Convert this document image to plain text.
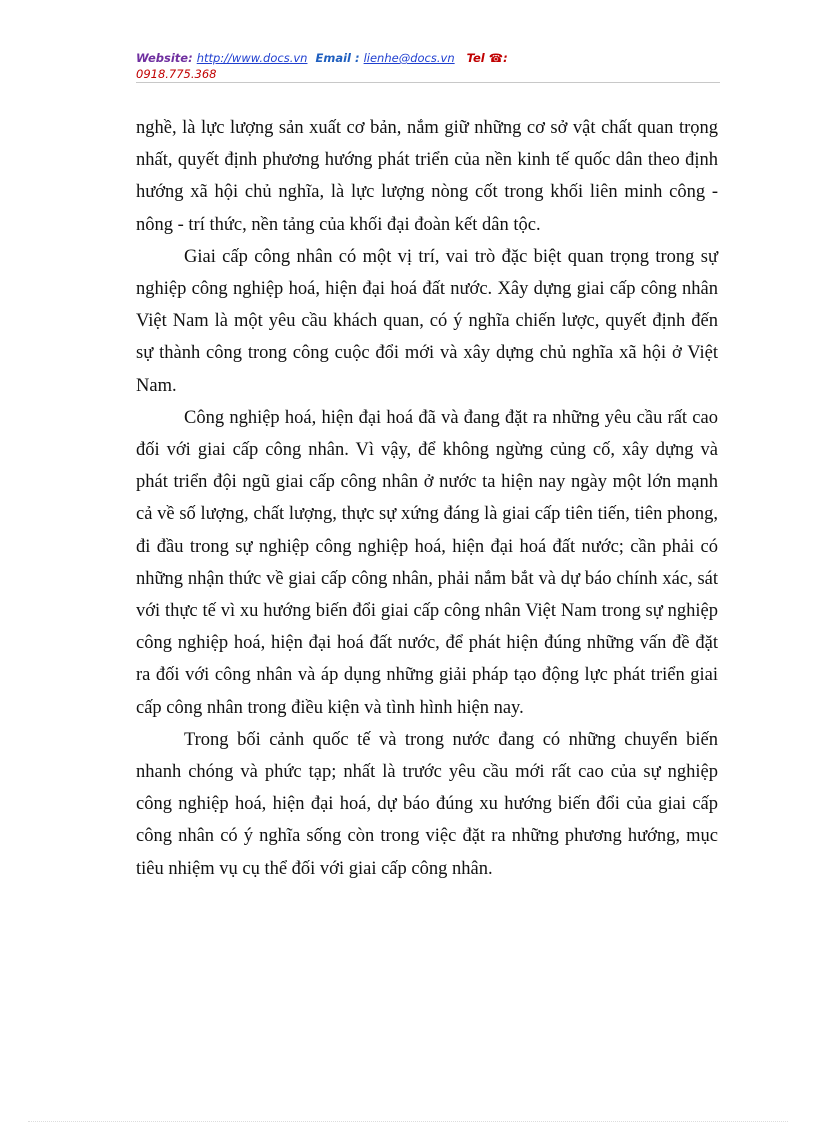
Website: http://www.docs.vn Email : lienhe@docs.vn Tel ☎:
0918.775.368

nghề, là lực lượng sản xuất cơ bản, nắm giữ những cơ sở vật chất quan trọng nhất, quyết định phương hướng phát triển của nền kinh tế quốc dân theo định hướng xã hội chủ nghĩa, là lực lượng nòng cốt trong khối liên minh công - nông - trí thức, nền tảng của khối đại đoàn kết dân tộc.

Giai cấp công nhân có một vị trí, vai trò đặc biệt quan trọng trong sự nghiệp công nghiệp hoá, hiện đại hoá đất nước. Xây dựng giai cấp công nhân Việt Nam là một yêu cầu khách quan, có ý nghĩa chiến lược, quyết định đến sự thành công trong công cuộc đổi mới và xây dựng chủ nghĩa xã hội ở Việt Nam.

Công nghiệp hoá, hiện đại hoá đã và đang đặt ra những yêu cầu rất cao đối với giai cấp công nhân. Vì vậy, để không ngừng củng cố, xây dựng và phát triển đội ngũ giai cấp công nhân ở nước ta hiện nay ngày một lớn mạnh cả về số lượng, chất lượng, thực sự xứng đáng là giai cấp tiên tiến, tiên phong, đi đầu trong sự nghiệp công nghiệp hoá, hiện đại hoá đất nước; cần phải có những nhận thức về giai cấp công nhân, phải nắm bắt và dự báo chính xác, sát với thực tế vì xu hướng biến đổi giai cấp công nhân Việt Nam trong sự nghiệp công nghiệp hoá, hiện đại hoá đất nước, để phát hiện đúng những vấn đề đặt ra đối với công nhân và áp dụng những giải pháp tạo động lực phát triển giai cấp công nhân trong điều kiện và tình hình hiện nay.

Trong bối cảnh quốc tế và trong nước đang có những chuyển biến nhanh chóng và phức tạp; nhất là trước yêu cầu mới rất cao của sự nghiệp công nghiệp hoá, hiện đại hoá, dự báo đúng xu hướng biến đổi của giai cấp công nhân có ý nghĩa sống còn trong việc đặt ra những phương hướng, mục tiêu nhiệm vụ cụ thể đối với giai cấp công nhân.
